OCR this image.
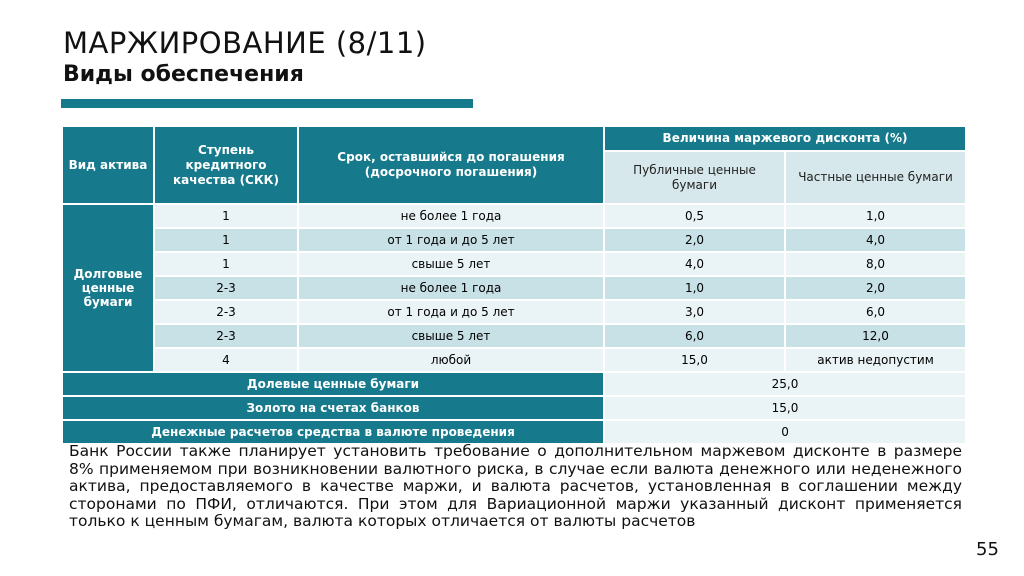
МАРЖИРОВАНИЕ (8/11)
Виды обеспечения
Вид актива	Ступень кредитного качества (СКК)	Срок, оставшийся до погашения (досрочного погашения)	Величина маржевого дисконта (%)	
			Публичные ценные бумаги	Частные ценные бумаги
Долговые ценные бумаги	1	не более 1 года	0,5	1,0
	1	от 1 года и до 5 лет	2,0	4,0
	1	свыше 5 лет	4,0	8,0
	2-3	не более 1 года	1,0	2,0
	2-3	от 1 года и до 5 лет	3,0	6,0
	2-3	свыше 5 лет	6,0	12,0
	4	любой	15,0	актив недопустим
Долевые ценные бумаги			25,0	
Золото на счетах банков			15,0	
Денежные расчетов средства в валюте проведения			0	
Банк России также планирует установить требование о дополнительном маржевом дисконте в размере 8% применяемом при возникновении валютного риска, в случае если валюта денежного или неденежного актива, предоставляемого в качестве маржи, и валюта расчетов, установленная в соглашении между сторонами по ПФИ, отличаются. При этом для Вариационной маржи указанный дисконт применяется только к ценным бумагам, валюта которых отличается от валюты расчетов
55
